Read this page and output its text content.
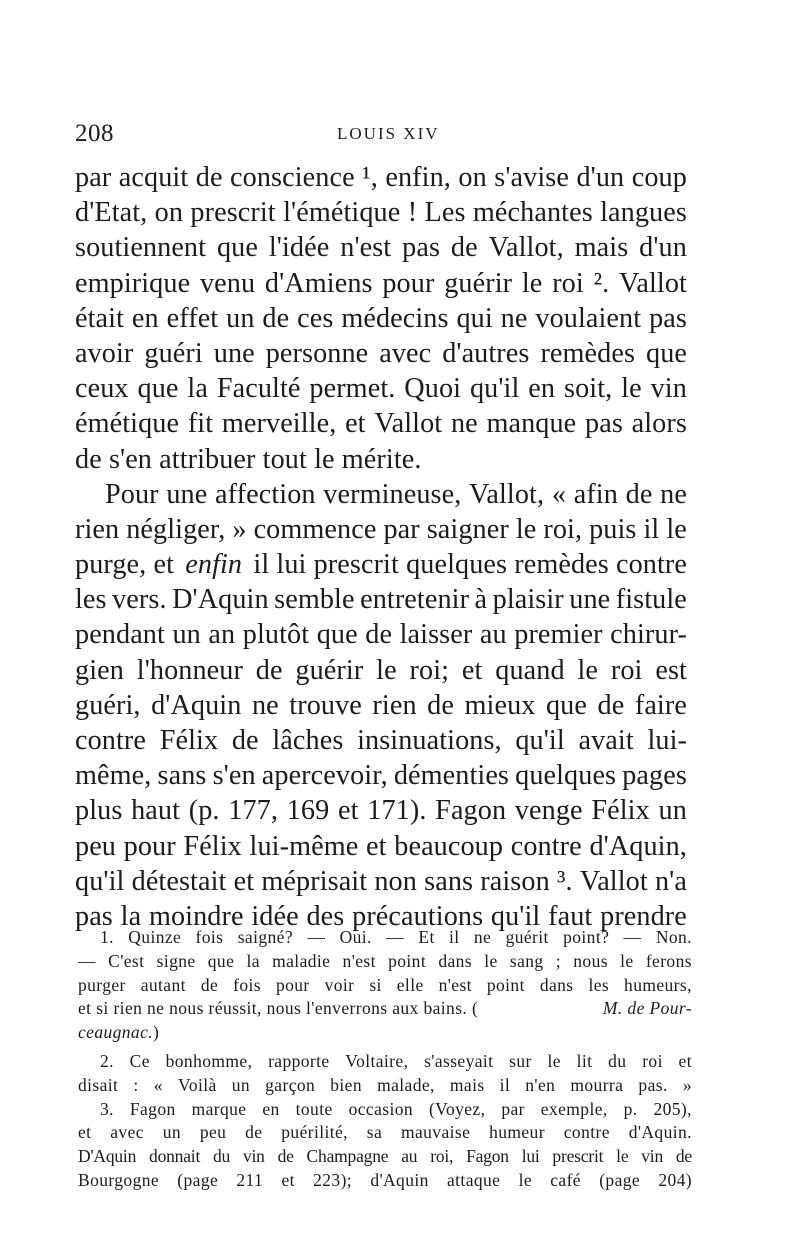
208	LOUIS XIV
par acquit de conscience ¹, enfin, on s'avise d'un coup
d'Etat, on prescrit l'émétique ! Les méchantes langues
soutiennent que l'idée n'est pas de Vallot, mais d'un
empirique venu d'Amiens pour guérir le roi ². Vallot
était en effet un de ces médecins qui ne voulaient pas
avoir guéri une personne avec d'autres remèdes que
ceux que la Faculté permet. Quoi qu'il en soit, le vin
émétique fit merveille, et Vallot ne manque pas alors
de s'en attribuer tout le mérite.
Pour une affection vermineuse, Vallot, « afin de ne
rien négliger, » commence par saigner le roi, puis il le
purge, et
enfin
il lui prescrit quelques remèdes contre
les vers. D'Aquin semble entretenir à plaisir une fistule
pendant un an plutôt que de laisser au premier chirur-
gien l'honneur de guérir le roi; et quand le roi est
guéri, d'Aquin ne trouve rien de mieux que de faire
contre Félix de lâches insinuations, qu'il avait lui-
même, sans s'en apercevoir, démenties quelques pages
plus haut (p. 177, 169 et 171). Fagon venge Félix un
peu pour Félix lui-même et beaucoup contre d'Aquin,
qu'il détestait et méprisait non sans raison ³. Vallot n'a
pas la moindre idée des précautions qu'il faut prendre
1. Quinze fois saigné? — Oui. — Et il ne guérit point? — Non.
— C'est signe que la maladie n'est point dans le sang ; nous le ferons
purger autant de fois pour voir si elle n'est point dans les humeurs,
et si rien ne nous réussit, nous l'enverrons aux bains. (	M. de Pour-
ceaugnac. )
2. Ce bonhomme, rapporte Voltaire, s'asseyait sur le lit du roi et
disait : « Voilà un garçon bien malade, mais il n'en mourra pas. »
3. Fagon marque en toute occasion (Voyez, par exemple, p. 205),
et avec un peu de puérilité, sa mauvaise humeur contre d'Aquin.
D'Aquin donnait du vin de Champagne au roi, Fagon lui prescrit le vin de
Bourgogne (page 211 et 223); d'Aquin attaque le café (page 204)
